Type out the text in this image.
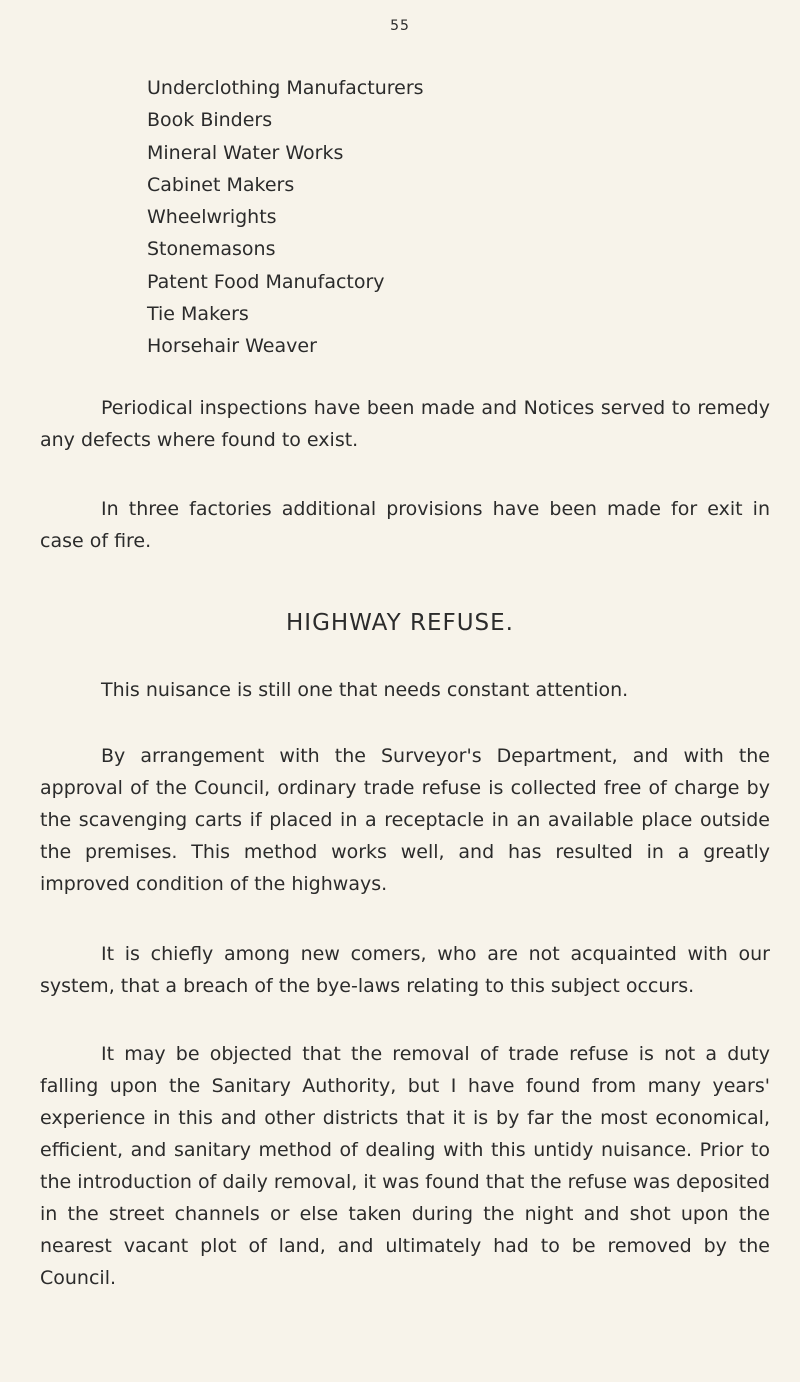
55
Underclothing Manufacturers
Book Binders
Mineral Water Works
Cabinet Makers
Wheelwrights
Stonemasons
Patent Food Manufactory
Tie Makers
Horsehair Weaver

Periodical inspections have been made and Notices served to remedy any defects where found to exist.

In three factories additional provisions have been made for exit in case of fire.

HIGHWAY REFUSE.

This nuisance is still one that needs constant attention.

By arrangement with the Surveyor's Department, and with the approval of the Council, ordinary trade refuse is collected free of charge by the scavenging carts if placed in a receptacle in an available place outside the premises. This method works well, and has resulted in a greatly improved condition of the highways.

It is chiefly among new comers, who are not acquainted with our system, that a breach of the bye-laws relating to this subject occurs.

It may be objected that the removal of trade refuse is not a duty falling upon the Sanitary Authority, but I have found from many years' experience in this and other districts that it is by far the most economical, efficient, and sanitary method of dealing with this untidy nuisance. Prior to the introduction of daily removal, it was found that the refuse was deposited in the street channels or else taken during the night and shot upon the nearest vacant plot of land, and ultimately had to be removed by the Council.
